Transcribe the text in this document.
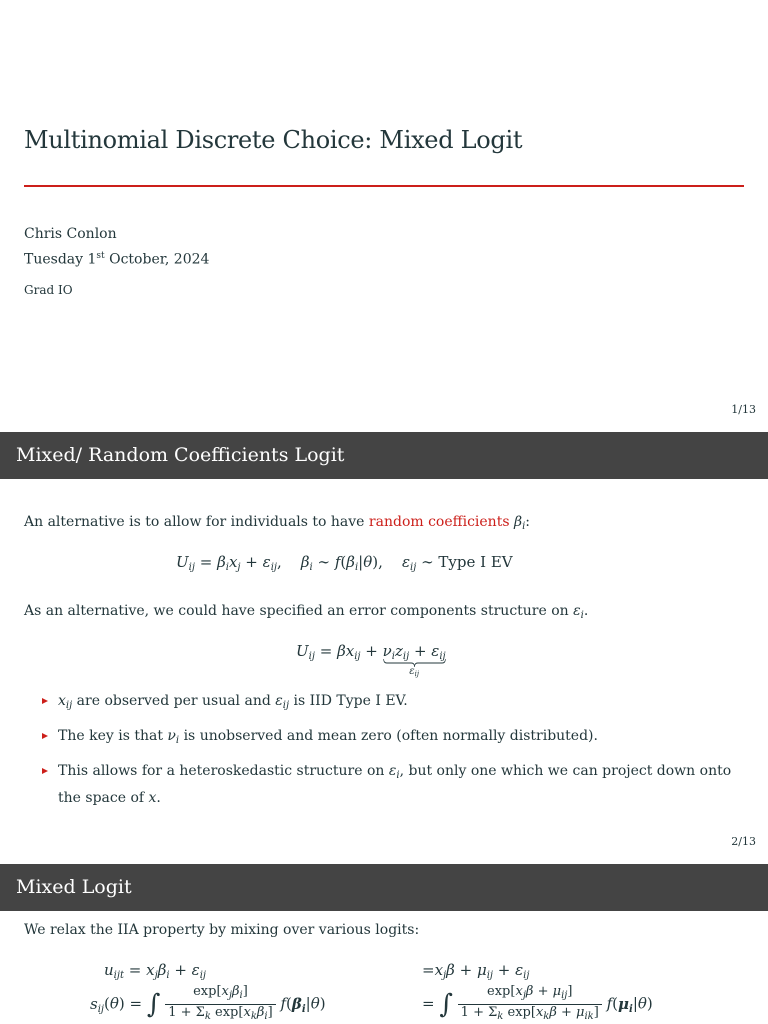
Multinomial Discrete Choice: Mixed Logit
Chris Conlon
Tuesday 1st October, 2024
Grad IO
1/13
Mixed/ Random Coefficients Logit
An alternative is to allow for individuals to have random coefficients $\beta_i$:
$U_{ij} = \beta_ix_j + \varepsilon_{ij}$,    $\beta_i$ ∼ $f(\beta_i|\theta)$,    $\varepsilon_{ij}$ ∼ Type I EV
As an alternative, we could have specified an error components structure on $\varepsilon_i$.
$U_{ij} = \beta x_{ij} + \nu_iz_{ij} + \varepsilon_{ij}$
$\varepsilon_{ij}$
$x_{ij}$ are observed per usual and $\varepsilon_{ij}$ is IID Type I EV.
The key is that $\nu_i$ is unobserved and mean zero (often normally distributed).
This allows for a heteroskedastic structure on $\varepsilon_i$, but only one which we can project down onto the space of x.
2/13
Mixed Logit
We relax the IIA property by mixing over various logits:
$u_{ijt} = x_j\beta_i + \varepsilon_{ij}$	$=x_j\beta + \mu_{ij} + \varepsilon_{ij}$
$s_{ij}(\theta)$ = ∫ $\frac{\exp[x_j\beta_i]}{1 + \Sigma_k \exp[x_k\beta_i]} f(\beta_i|\theta)$	= ∫ $\frac{\exp[x_j\beta + \mu_{ij}]}{1 + \Sigma_k \exp[x_k\beta + \mu_{ik}]} f(\mu_i|\theta)$
